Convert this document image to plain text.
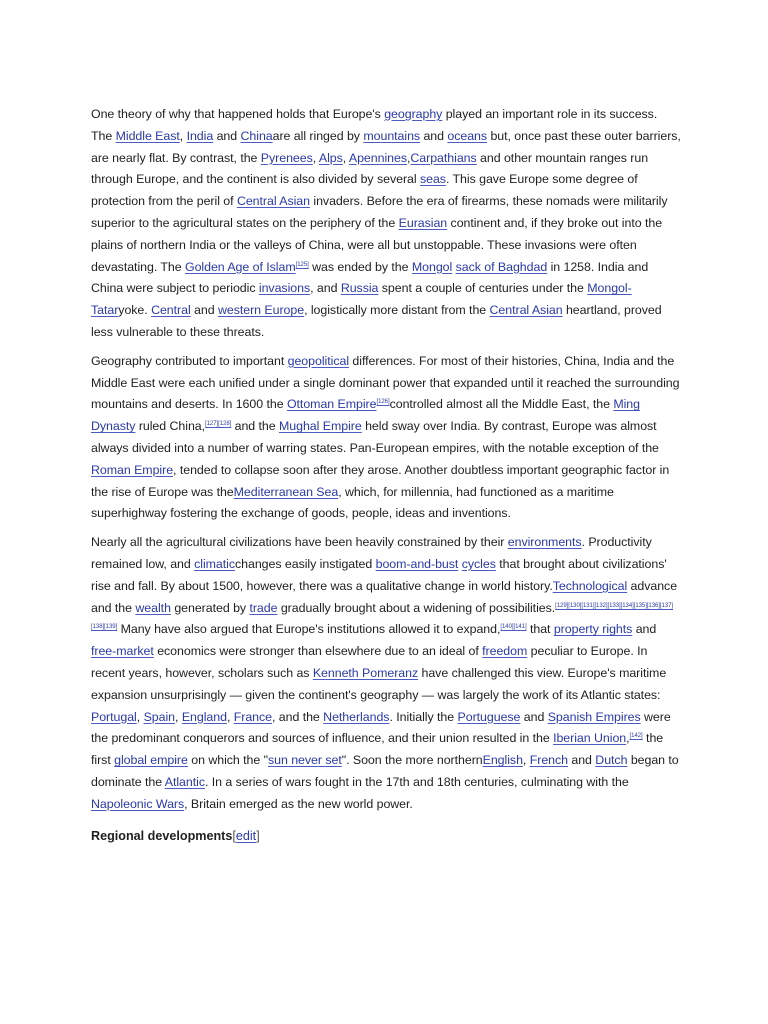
One theory of why that happened holds that Europe's geography played an important role in its success. The Middle East, India and Chinaare all ringed by mountains and oceans but, once past these outer barriers, are nearly flat. By contrast, the Pyrenees, Alps, Apennines,Carpathians and other mountain ranges run through Europe, and the continent is also divided by several seas. This gave Europe some degree of protection from the peril of Central Asian invaders. Before the era of firearms, these nomads were militarily superior to the agricultural states on the periphery of the Eurasian continent and, if they broke out into the plains of northern India or the valleys of China, were all but unstoppable. These invasions were often devastating. The Golden Age of Islam[125] was ended by the Mongol sack of Baghdad in 1258. India and China were subject to periodic invasions, and Russia spent a couple of centuries under the Mongol-Tataryoke. Central and western Europe, logistically more distant from the Central Asian heartland, proved less vulnerable to these threats.

Geography contributed to important geopolitical differences. For most of their histories, China, India and the Middle East were each unified under a single dominant power that expanded until it reached the surrounding mountains and deserts. In 1600 the Ottoman Empire[126]controlled almost all the Middle East, the Ming Dynasty ruled China,[127][128] and the Mughal Empire held sway over India. By contrast, Europe was almost always divided into a number of warring states. Pan-European empires, with the notable exception of the Roman Empire, tended to collapse soon after they arose. Another doubtless important geographic factor in the rise of Europe was theMediterranean Sea, which, for millennia, had functioned as a maritime superhighway fostering the exchange of goods, people, ideas and inventions.

Nearly all the agricultural civilizations have been heavily constrained by their environments. Productivity remained low, and climaticchanges easily instigated boom-and-bust cycles that brought about civilizations' rise and fall. By about 1500, however, there was a qualitative change in world history.Technological advance and the wealth generated by trade gradually brought about a widening of possibilities.[129][130][131][132][133][134][135][136][137][138][139] Many have also argued that Europe's institutions allowed it to expand,[140][141] that property rights and free-market economics were stronger than elsewhere due to an ideal of freedom peculiar to Europe. In recent years, however, scholars such as Kenneth Pomeranz have challenged this view. Europe's maritime expansion unsurprisingly — given the continent's geography — was largely the work of its Atlantic states: Portugal, Spain, England, France, and the Netherlands. Initially the Portuguese and Spanish Empires were the predominant conquerors and sources of influence, and their union resulted in the Iberian Union,[142] the first global empire on which the "sun never set". Soon the more northernEnglish, French and Dutch began to dominate the Atlantic. In a series of wars fought in the 17th and 18th centuries, culminating with the Napoleonic Wars, Britain emerged as the new world power.

Regional developments[edit]
